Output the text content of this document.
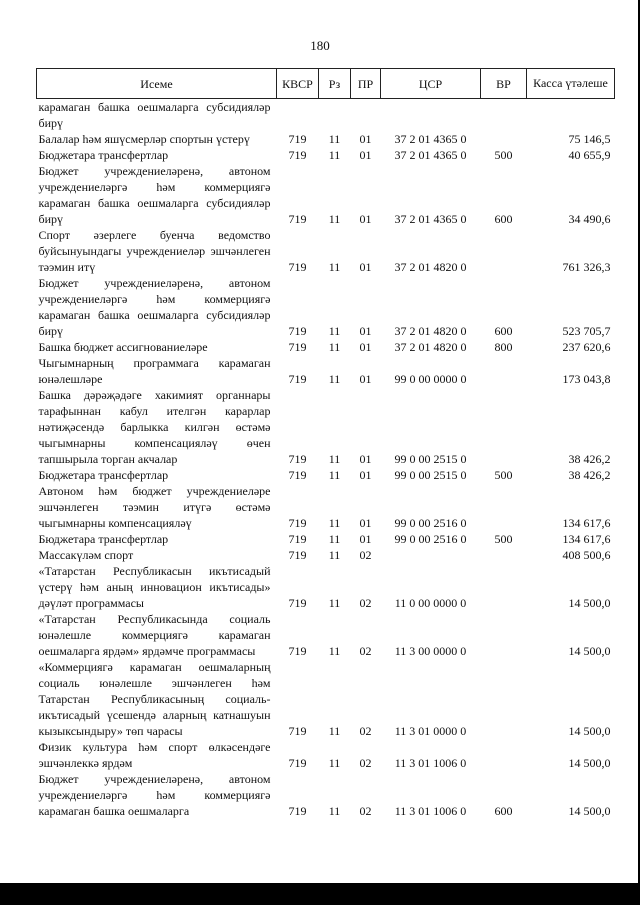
180
Исеме	КВСР	Рз	ПР	ЦСР	ВР	Касса үтәлеше
карамаган башка оешмаларга субсидияләр бирү						
Балалар һәм яшүсмерләр спортын үстерү	719	11	01	37 2 01 4365 0		75 146,5
Бюджетара трансфертлар	719	11	01	37 2 01 4365 0	500	40 655,9
Бюджет учреждениеләренә, автоном учреждениеләргә һәм коммерциягә карамаган башка оешмаларга субсидияләр бирү	719	11	01	37 2 01 4365 0	600	34 490,6
Спорт әзерлеге буенча ведомство буйсынуындагы учреждениеләр эшчәнлеген тәэмин итү	719	11	01	37 2 01 4820 0		761 326,3
Бюджет учреждениеләренә, автоном учреждениеләргә һәм коммерциягә карамаган башка оешмаларга субсидияләр бирү	719	11	01	37 2 01 4820 0	600	523 705,7
Башка бюджет ассигнованиеләре	719	11	01	37 2 01 4820 0	800	237 620,6
Чыгымнарның программага карамаган юнәлешләре	719	11	01	99 0 00 0000 0		173 043,8
Башка дәрәҗәдәге хакимият органнары тарафыннан кабул ителгән карарлар нәтиҗәсендә барлыкка килгән өстәмә чыгымнарны компенсацияләү өчен тапшырыла торган акчалар	719	11	01	99 0 00 2515 0		38 426,2
Бюджетара трансфертлар	719	11	01	99 0 00 2515 0	500	38 426,2
Автоном һәм бюджет учреждениеләре эшчәнлеген тәэмин итүгә өстәмә чыгымнарны компенсацияләү	719	11	01	99 0 00 2516 0		134 617,6
Бюджетара трансфертлар	719	11	01	99 0 00 2516 0	500	134 617,6
Массакүләм спорт	719	11	02			408 500,6
«Татарстан Республикасын икътисадый үстерү һәм аның инновацион икътисады» дәүләт программасы	719	11	02	11 0 00 0000 0		14 500,0
«Татарстан Республикасында социаль юнәлешле коммерциягә карамаган оешмаларга ярдәм» ярдәмче программасы	719	11	02	11 3 00 0000 0		14 500,0
«Коммерциягә карамаган оешмаларның социаль юнәлешле эшчәнлеген һәм Татарстан Республикасының социаль-икътисадый үсешендә аларның катнашуын кызыксындыру» төп чарасы	719	11	02	11 3 01 0000 0		14 500,0
Физик культура һәм спорт өлкәсендәге эшчәнлеккә ярдәм	719	11	02	11 3 01 1006 0		14 500,0
Бюджет учреждениеләренә, автоном учреждениеләргә һәм коммерциягә карамаган башка оешмаларга	719	11	02	11 3 01 1006 0	600	14 500,0
